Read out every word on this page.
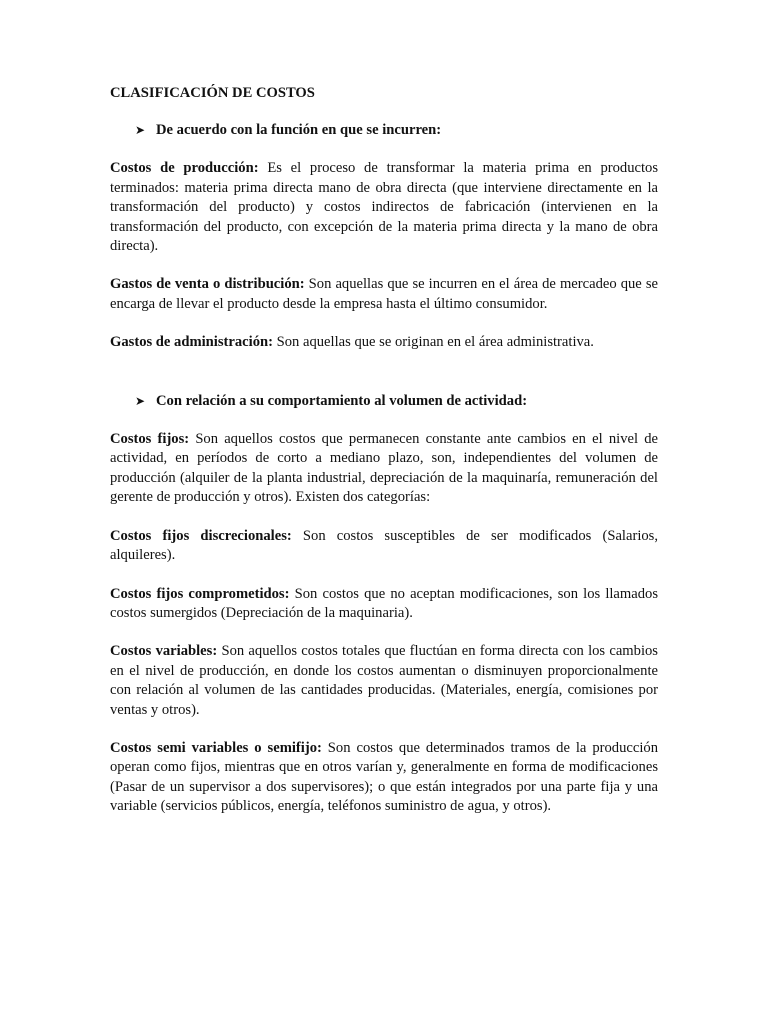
CLASIFICACIÓN DE COSTOS
➤ De acuerdo con la función en que se incurren:

Costos de producción: Es el proceso de transformar la materia prima en productos terminados: materia prima directa mano de obra directa (que interviene directamente en la transformación del producto) y costos indirectos de fabricación (intervienen en la transformación del producto, con excepción de la materia prima directa y la mano de obra directa).

Gastos de venta o distribución: Son aquellas que se incurren en el área de mercadeo que se encarga de llevar el producto desde la empresa hasta el último consumidor.

Gastos de administración: Son aquellas que se originan en el área administrativa.

➤ Con relación a su comportamiento al volumen de actividad:

Costos fijos: Son aquellos costos que permanecen constante ante cambios en el nivel de actividad, en períodos de corto a mediano plazo, son, independientes del volumen de producción (alquiler de la planta industrial, depreciación de la maquinaría, remuneración del gerente de producción y otros). Existen dos categorías:

Costos fijos discrecionales: Son costos susceptibles de ser modificados (Salarios, alquileres).

Costos fijos comprometidos: Son costos que no aceptan modificaciones, son los llamados costos sumergidos (Depreciación de la maquinaria).

Costos variables: Son aquellos costos totales que fluctúan en forma directa con los cambios en el nivel de producción, en donde los costos aumentan o disminuyen proporcionalmente con relación al volumen de las cantidades producidas. (Materiales, energía, comisiones por ventas y otros).

Costos semi variables o semifijo: Son costos que determinados tramos de la producción operan como fijos, mientras que en otros varían y, generalmente en forma de modificaciones (Pasar de un supervisor a dos supervisores); o que están integrados por una parte fija y una variable (servicios públicos, energía, teléfonos suministro de agua, y otros).
